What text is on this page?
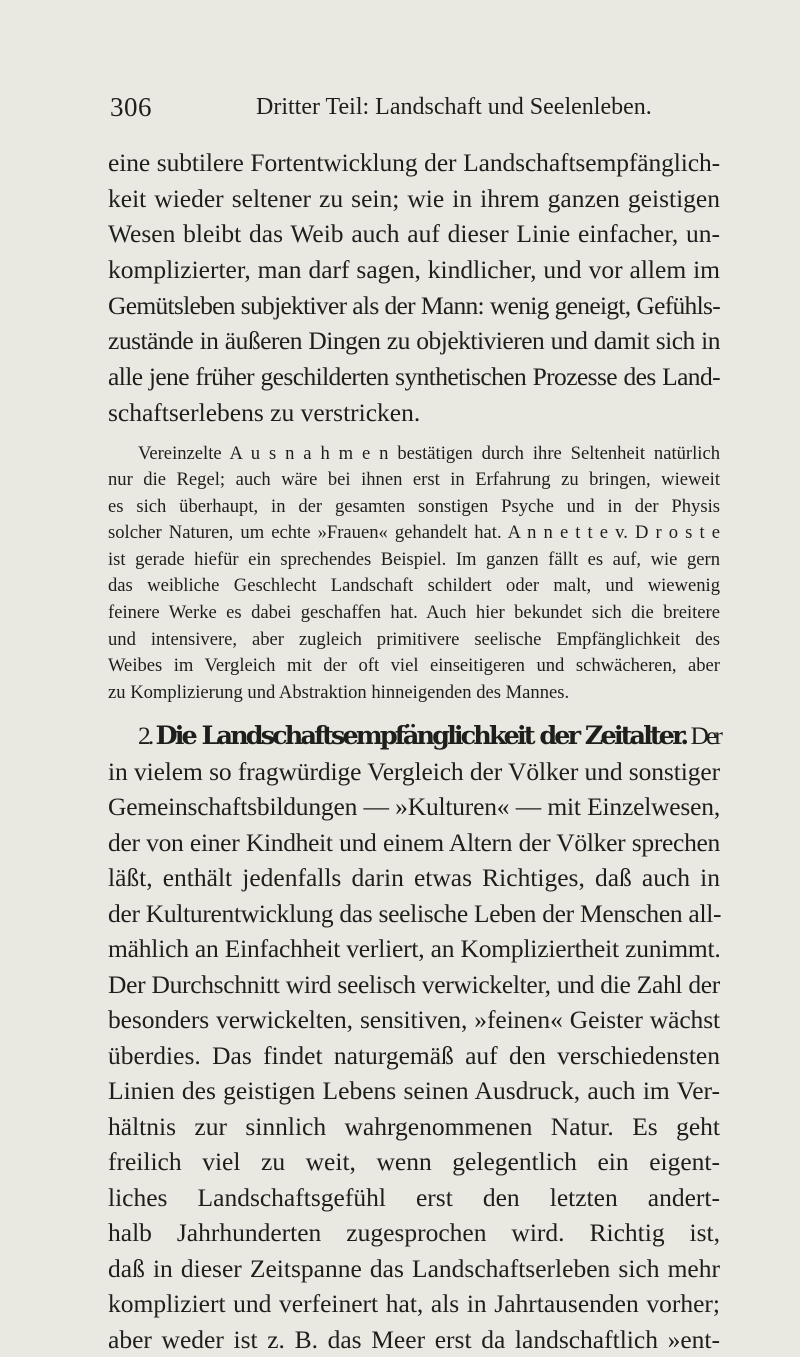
306	Dritter Teil: Landschaft und Seelenleben.
eine subtilere Fortentwicklung der Landschaftsempfänglich-
keit wieder seltener zu sein; wie in ihrem ganzen geistigen
Wesen bleibt das Weib auch auf dieser Linie einfacher, un-
komplizierter, man darf sagen, kindlicher, und vor allem im
Gemütsleben subjektiver als der Mann: wenig geneigt, Gefühls-
zustände in äußeren Dingen zu objektivieren und damit sich in
alle jene früher geschilderten synthetischen Prozesse des Land-
schaftserlebens zu verstricken.
Vereinzelte A u s n a h m e n bestätigen durch ihre Seltenheit natürlich
nur die Regel; auch wäre bei ihnen erst in Erfahrung zu bringen, wieweit
es sich überhaupt, in der gesamten sonstigen Psyche und in der Physis
solcher Naturen, um echte »Frauen« gehandelt hat. A n n e t t e v. D r o s t e
ist gerade hiefür ein sprechendes Beispiel. Im ganzen fällt es auf, wie gern
das weibliche Geschlecht Landschaft schildert oder malt, und wiewenig
feinere Werke es dabei geschaffen hat. Auch hier bekundet sich die breitere
und intensivere, aber zugleich primitivere seelische Empfänglichkeit des
Weibes im Vergleich mit der oft viel einseitigeren und schwächeren, aber
zu Komplizierung und Abstraktion hinneigenden des Mannes.
2. Die Landschaftsempfänglichkeit der Zeitalter. Der
in vielem so fragwürdige Vergleich der Völker und sonstiger
Gemeinschaftsbildungen — »Kulturen« — mit Einzelwesen,
der von einer Kindheit und einem Altern der Völker sprechen
läßt, enthält jedenfalls darin etwas Richtiges, daß auch in
der Kulturentwicklung das seelische Leben der Menschen all-
mählich an Einfachheit verliert, an Kompliziertheit zunimmt.
Der Durchschnitt wird seelisch verwickelter, und die Zahl der
besonders verwickelten, sensitiven, »feinen« Geister wächst
überdies. Das findet naturgemäß auf den verschiedensten
Linien des geistigen Lebens seinen Ausdruck, auch im Ver-
hältnis zur sinnlich wahrgenommenen Natur. Es geht
freilich viel zu weit, wenn gelegentlich ein eigent-
liches Landschaftsgefühl erst den letzten andert-
halb Jahrhunderten zugesprochen wird. Richtig ist,
daß in dieser Zeitspanne das Landschaftserleben sich mehr
kompliziert und verfeinert hat, als in Jahrtausenden vorher;
aber weder ist z. B. das Meer erst da landschaftlich »ent-
